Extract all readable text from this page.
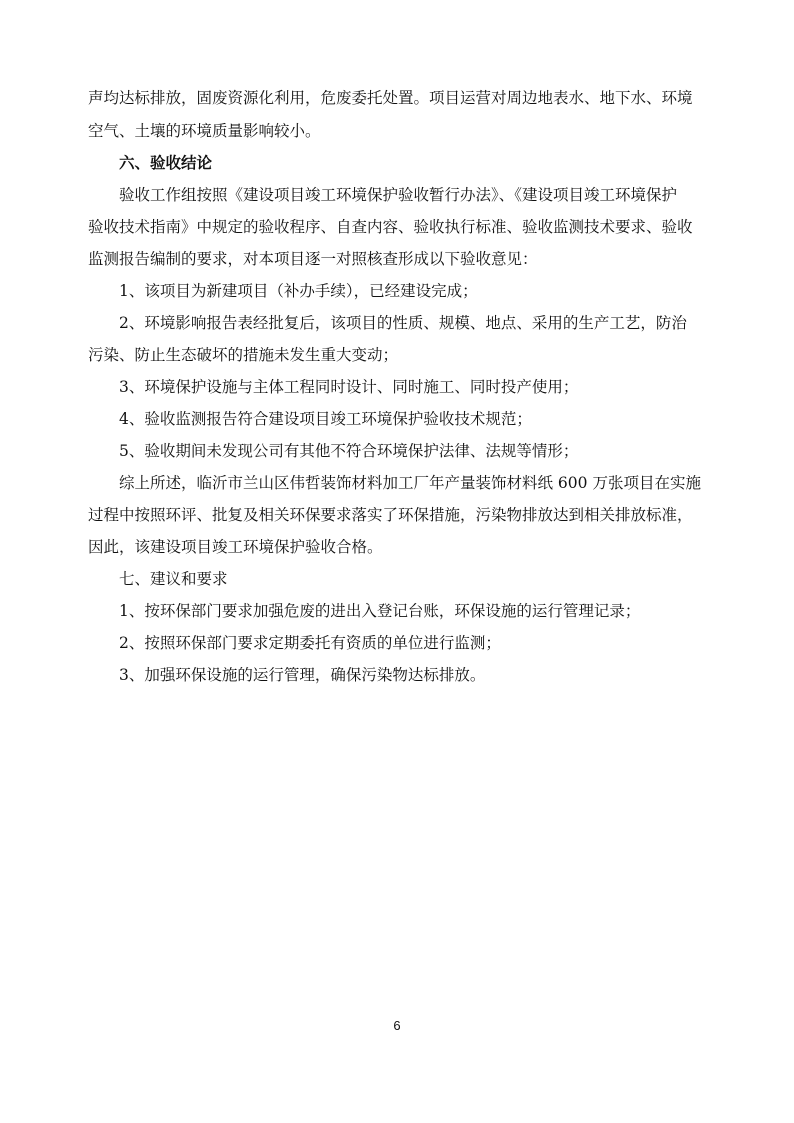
声均达标排放，固废资源化利用，危废委托处置。项目运营对周边地表水、地下水、环境
空气、土壤的环境质量影响较小。
六、验收结论
验收工作组按照《建设项目竣工环境保护验收暂行办法》、《建设项目竣工环境保护
验收技术指南》中规定的验收程序、自查内容、验收执行标准、验收监测技术要求、验收
监测报告编制的要求，对本项目逐一对照核查形成以下验收意见：
1、该项目为新建项目（补办手续），已经建设完成；
2、环境影响报告表经批复后，该项目的性质、规模、地点、采用的生产工艺，防治
污染、防止生态破坏的措施未发生重大变动；
3、环境保护设施与主体工程同时设计、同时施工、同时投产使用；
4、验收监测报告符合建设项目竣工环境保护验收技术规范；
5、验收期间未发现公司有其他不符合环境保护法律、法规等情形；
综上所述，临沂市兰山区伟哲装饰材料加工厂年产量装饰材料纸 600 万张项目在实施
过程中按照环评、批复及相关环保要求落实了环保措施，污染物排放达到相关排放标准，
因此，该建设项目竣工环境保护验收合格。
七、建议和要求
1、按环保部门要求加强危废的进出入登记台账，环保设施的运行管理记录；
2、按照环保部门要求定期委托有资质的单位进行监测；
3、加强环保设施的运行管理，确保污染物达标排放。
6
